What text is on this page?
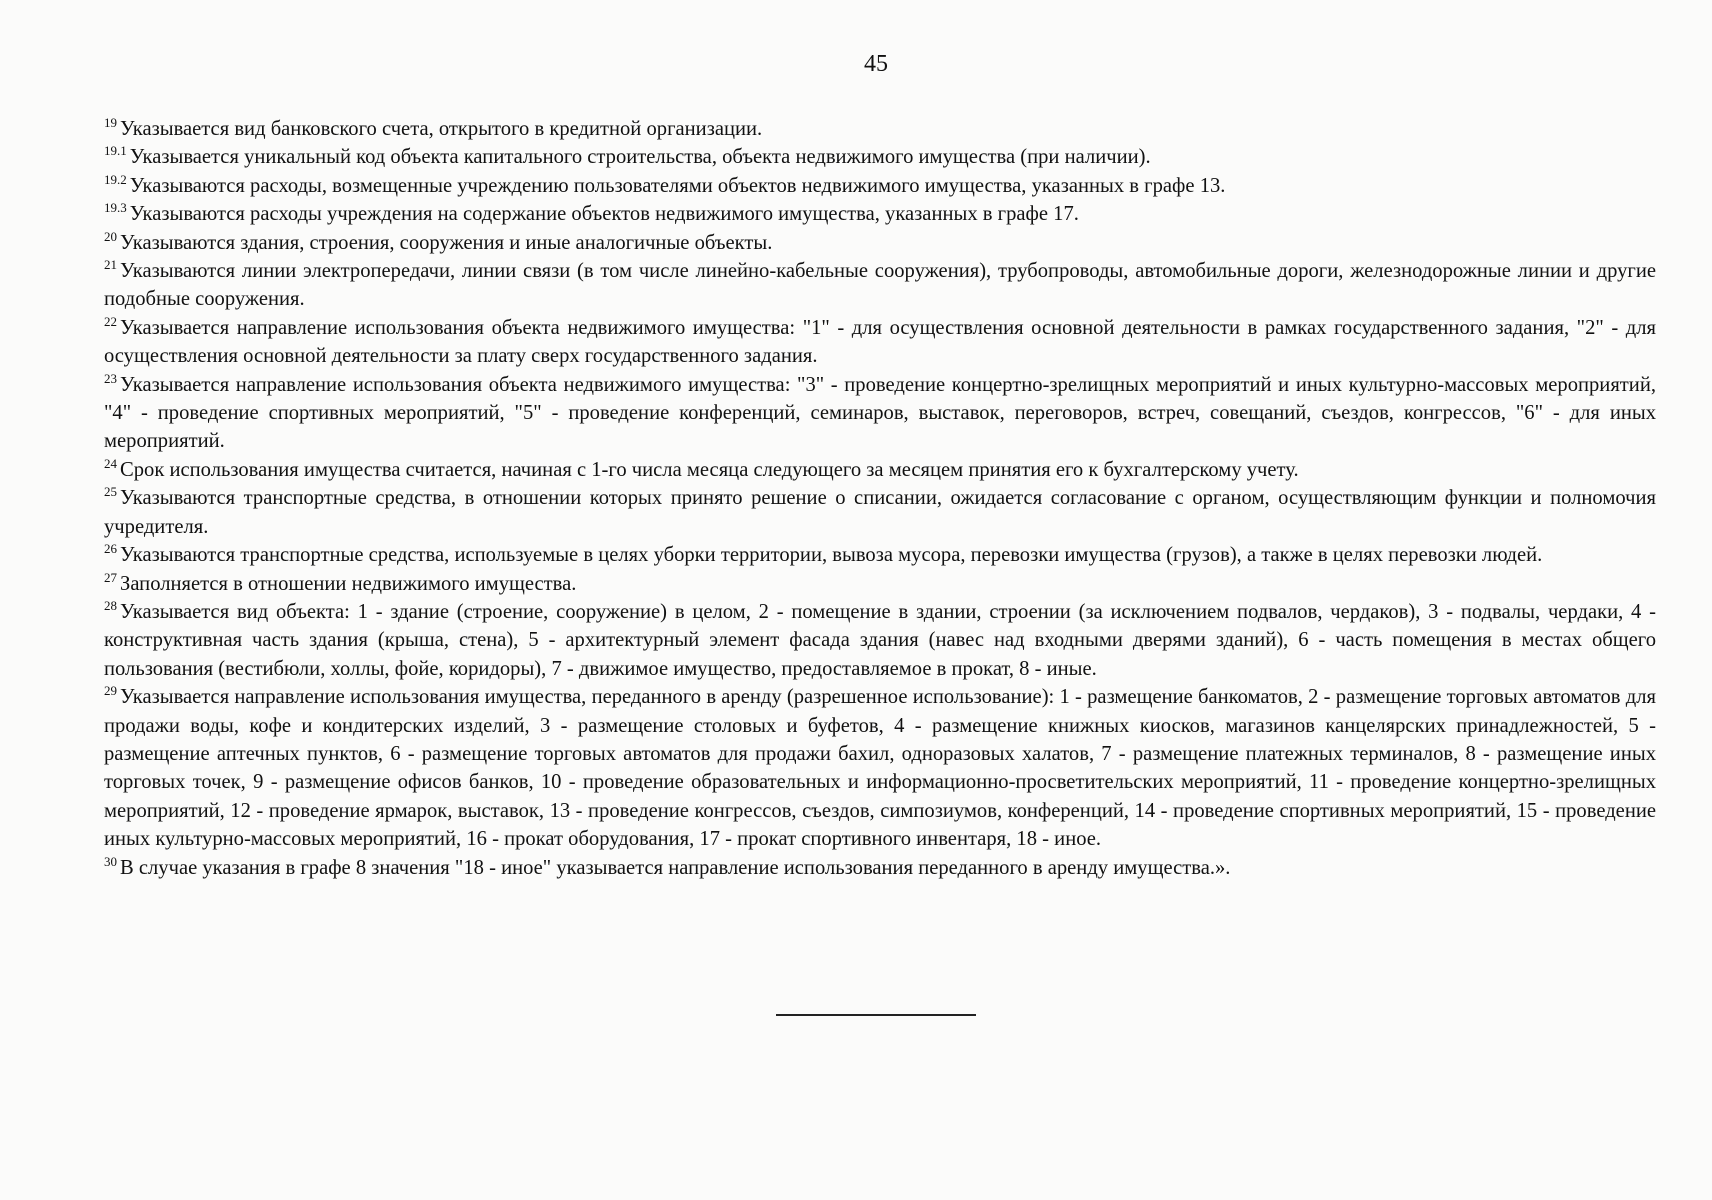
45

$^{19}$ Указывается вид банковского счета, открытого в кредитной организации.

$^{19.1}$ Указывается уникальный код объекта капитального строительства, объекта недвижимого имущества (при наличии).

$^{19.2}$ Указываются расходы, возмещенные учреждению пользователями объектов недвижимого имущества, указанных в графе 13.

$^{19.3}$ Указываются расходы учреждения на содержание объектов недвижимого имущества, указанных в графе 17.

$^{20}$ Указываются здания, строения, сооружения и иные аналогичные объекты.

$^{21}$ Указываются линии электропередачи, линии связи (в том числе линейно-кабельные сооружения), трубопроводы, автомобильные дороги, железнодорожные линии и другие подобные сооружения.

$^{22}$ Указывается направление использования объекта недвижимого имущества: "1" - для осуществления основной деятельности в рамках государственного задания, "2" - для осуществления основной деятельности за плату сверх государственного задания.

$^{23}$ Указывается направление использования объекта недвижимого имущества: "3" - проведение концертно-зрелищных мероприятий и иных культурно-массовых мероприятий, "4" - проведение спортивных мероприятий, "5" - проведение конференций, семинаров, выставок, переговоров, встреч, совещаний, съездов, конгрессов, "6" - для иных мероприятий.

$^{24}$ Срок использования имущества считается, начиная с 1-го числа месяца следующего за месяцем принятия его к бухгалтерскому учету.

$^{25}$ Указываются транспортные средства, в отношении которых принято решение о списании, ожидается согласование с органом, осуществляющим функции и полномочия учредителя.

$^{26}$ Указываются транспортные средства, используемые в целях уборки территории, вывоза мусора, перевозки имущества (грузов), а также в целях перевозки людей.

$^{27}$ Заполняется в отношении недвижимого имущества.

$^{28}$ Указывается вид объекта: 1 - здание (строение, сооружение) в целом, 2 - помещение в здании, строении (за исключением подвалов, чердаков), 3 - подвалы, чердаки, 4 - конструктивная часть здания (крыша, стена), 5 - архитектурный элемент фасада здания (навес над входными дверями зданий), 6 - часть помещения в местах общего пользования (вестибюли, холлы, фойе, коридоры), 7 - движимое имущество, предоставляемое в прокат, 8 - иные.

$^{29}$ Указывается направление использования имущества, переданного в аренду (разрешенное использование): 1 - размещение банкоматов, 2 - размещение торговых автоматов для продажи воды, кофе и кондитерских изделий, 3 - размещение столовых и буфетов, 4 - размещение книжных киосков, магазинов канцелярских принадлежностей, 5 - размещение аптечных пунктов, 6 - размещение торговых автоматов для продажи бахил, одноразовых халатов, 7 - размещение платежных терминалов, 8 - размещение иных торговых точек, 9 - размещение офисов банков, 10 - проведение образовательных и информационно-просветительских мероприятий, 11 - проведение концертно-зрелищных мероприятий, 12 - проведение ярмарок, выставок, 13 - проведение конгрессов, съездов, симпозиумов, конференций, 14 - проведение спортивных мероприятий, 15 - проведение иных культурно-массовых мероприятий, 16 - прокат оборудования, 17 - прокат спортивного инвентаря, 18 - иное.

$^{30}$ В случае указания в графе 8 значения "18 - иное" указывается направление использования переданного в аренду имущества.».
